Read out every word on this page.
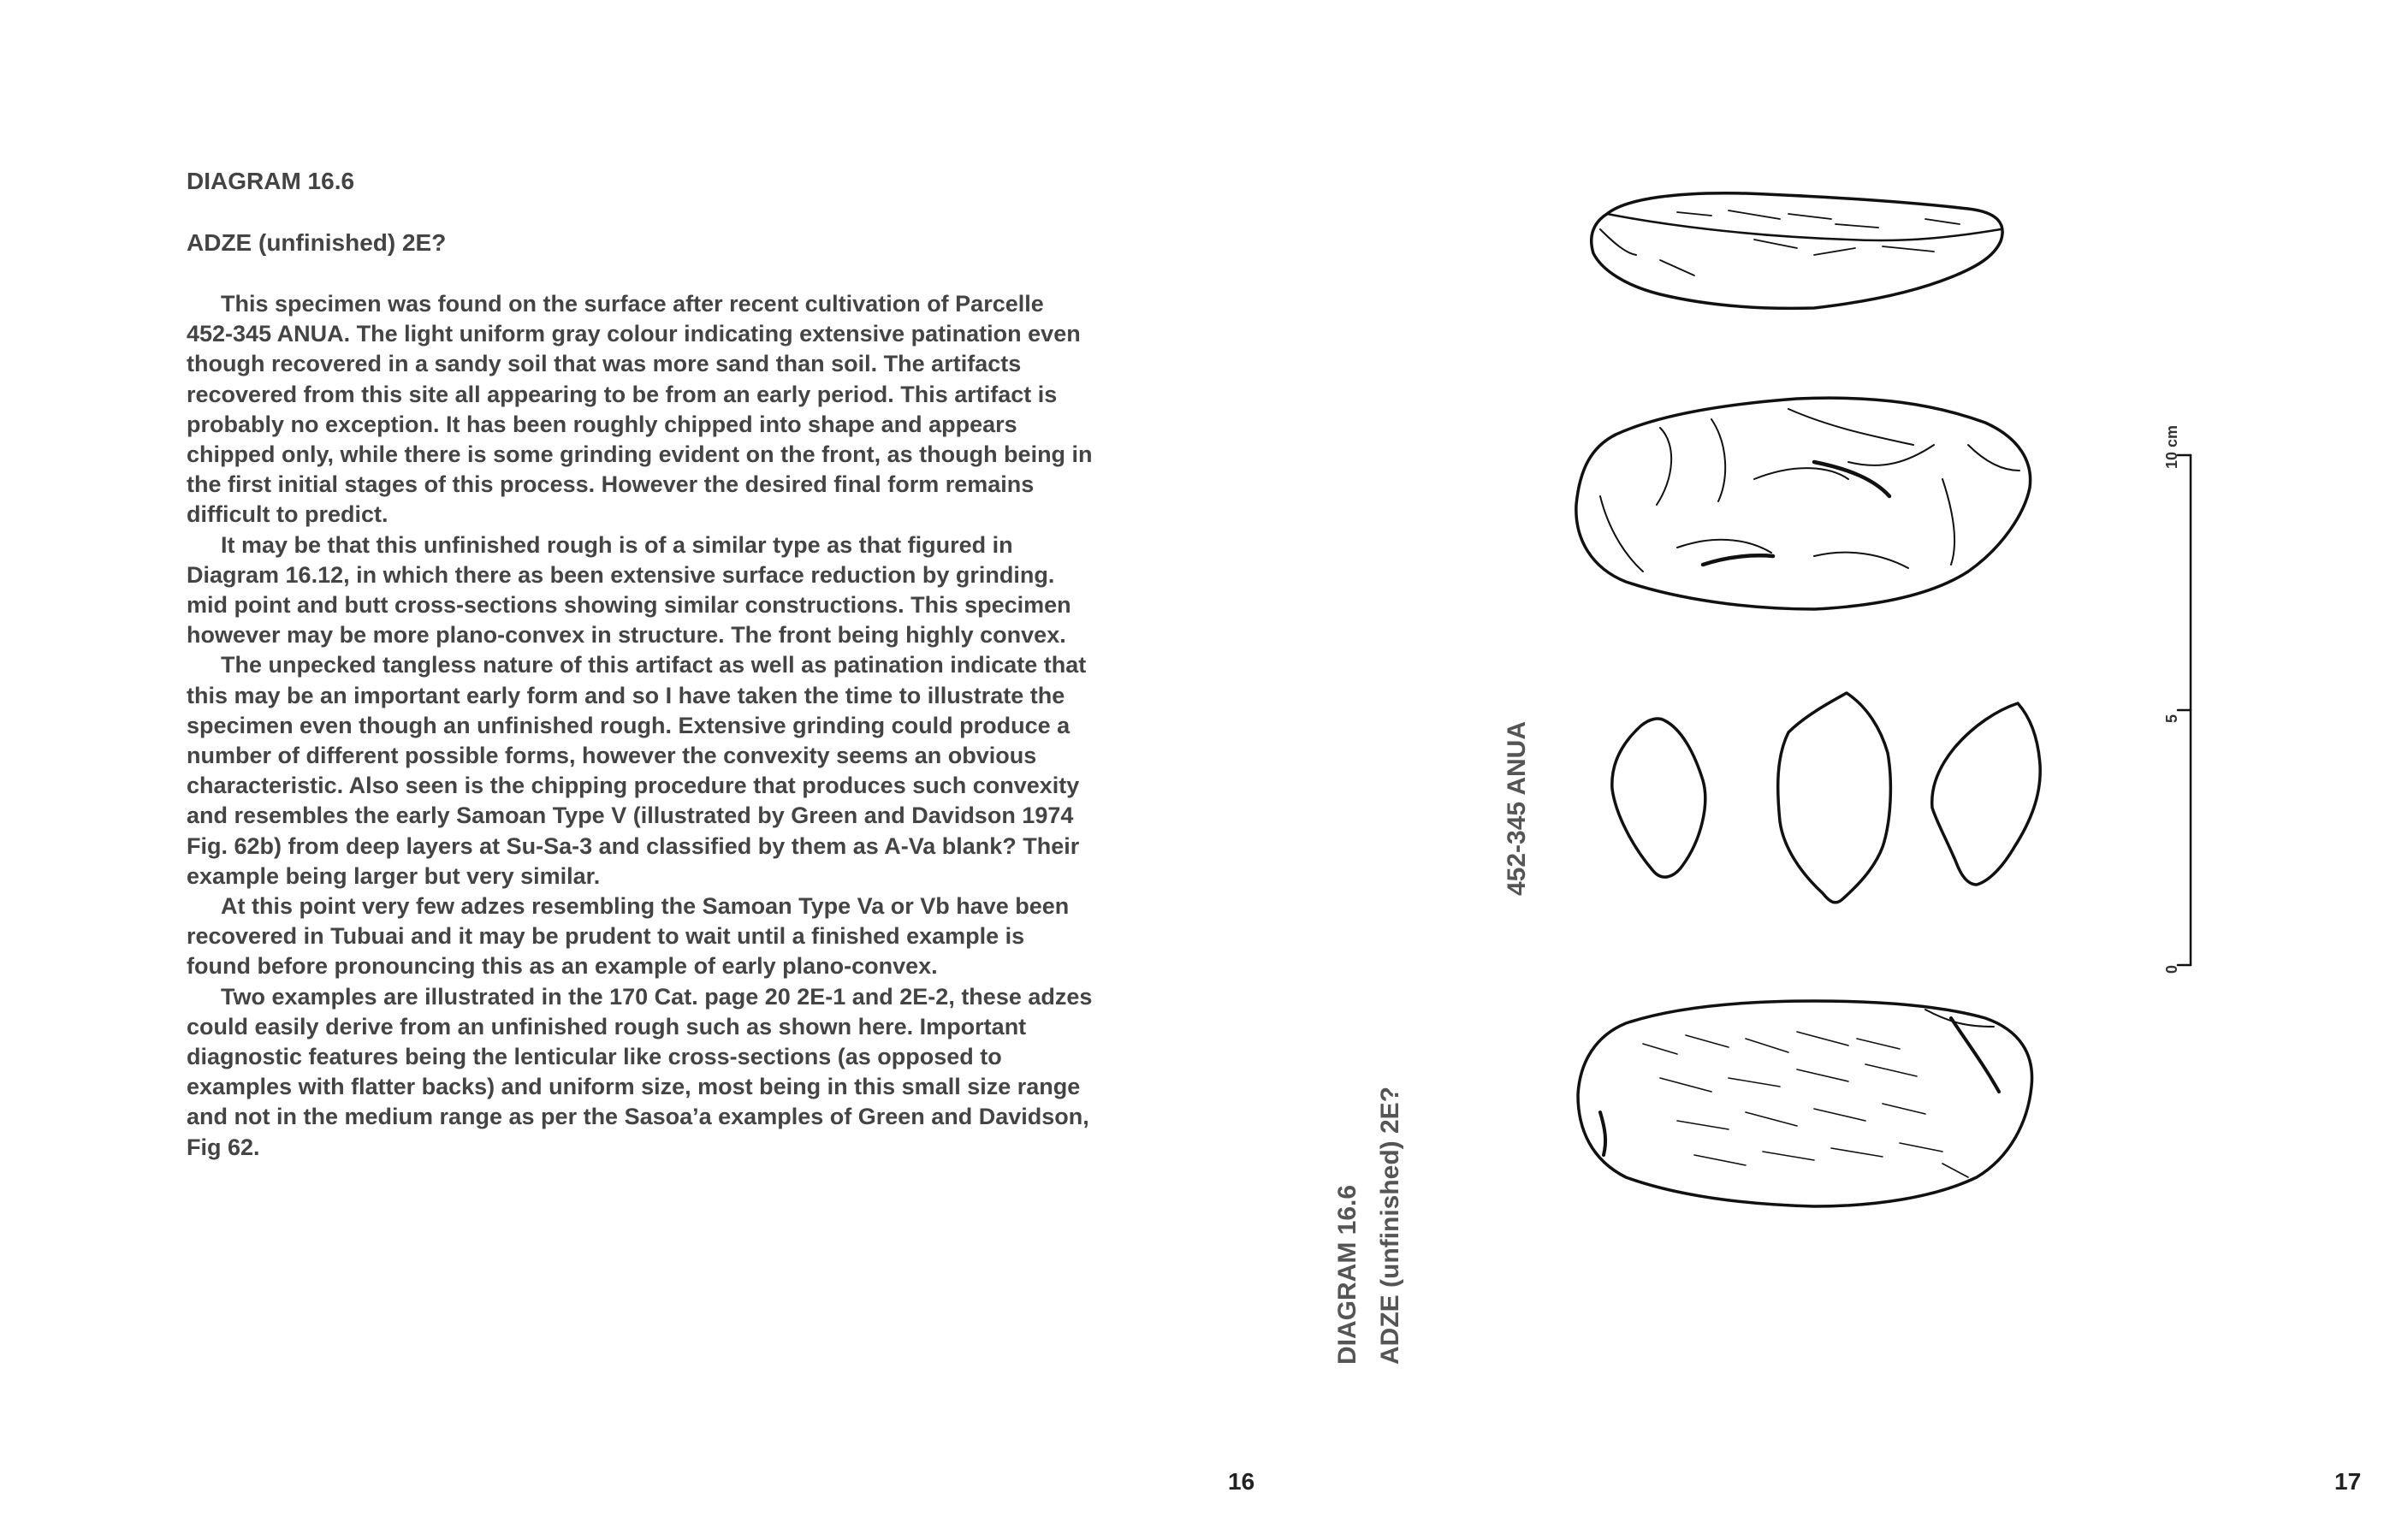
DIAGRAM 16.6
ADZE (unfinished) 2E?

This specimen was found on the surface after recent cultivation of Parcelle 452-345 ANUA. The light uniform gray colour indicating extensive patination even though recovered in a sandy soil that was more sand than soil. The artifacts recovered from this site all appearing to be from an early period. This artifact is probably no exception. It has been roughly chipped into shape and appears chipped only, while there is some grinding evident on the front, as though being in the first initial stages of this process. However the desired final form remains difficult to predict.

It may be that this unfinished rough is of a similar type as that figured in Diagram 16.12, in which there as been extensive surface reduction by grinding. mid point and butt cross-sections showing similar constructions. This specimen however may be more plano-convex in structure. The front being highly convex.

The unpecked tangless nature of this artifact as well as patination indicate that this may be an important early form and so I have taken the time to illustrate the specimen even though an unfinished rough. Extensive grinding could produce a number of different possible forms, however the convexity seems an obvious characteristic. Also seen is the chipping procedure that produces such convexity and resembles the early Samoan Type V (illustrated by Green and Davidson 1974 Fig. 62b) from deep layers at Su-Sa-3 and classified by them as A-Va blank? Their example being larger but very similar.

At this point very few adzes resembling the Samoan Type Va or Vb have been recovered in Tubuai and it may be prudent to wait until a finished example is found before pronouncing this as an example of early plano-convex.

Two examples are illustrated in the 170 Cat. page 20 2E-1 and 2E-2, these adzes could easily derive from an unfinished rough such as shown here. Important diagnostic features being the lenticular like cross-sections (as opposed to examples with flatter backs) and uniform size, most being in this small size range and not in the medium range as per the Sasoa’a examples of Green and Davidson, Fig 62.

16
DIAGRAM 16.6 ADZE (unfinished) 2E?
452-345 ANUA
10 cm
5
0
17
